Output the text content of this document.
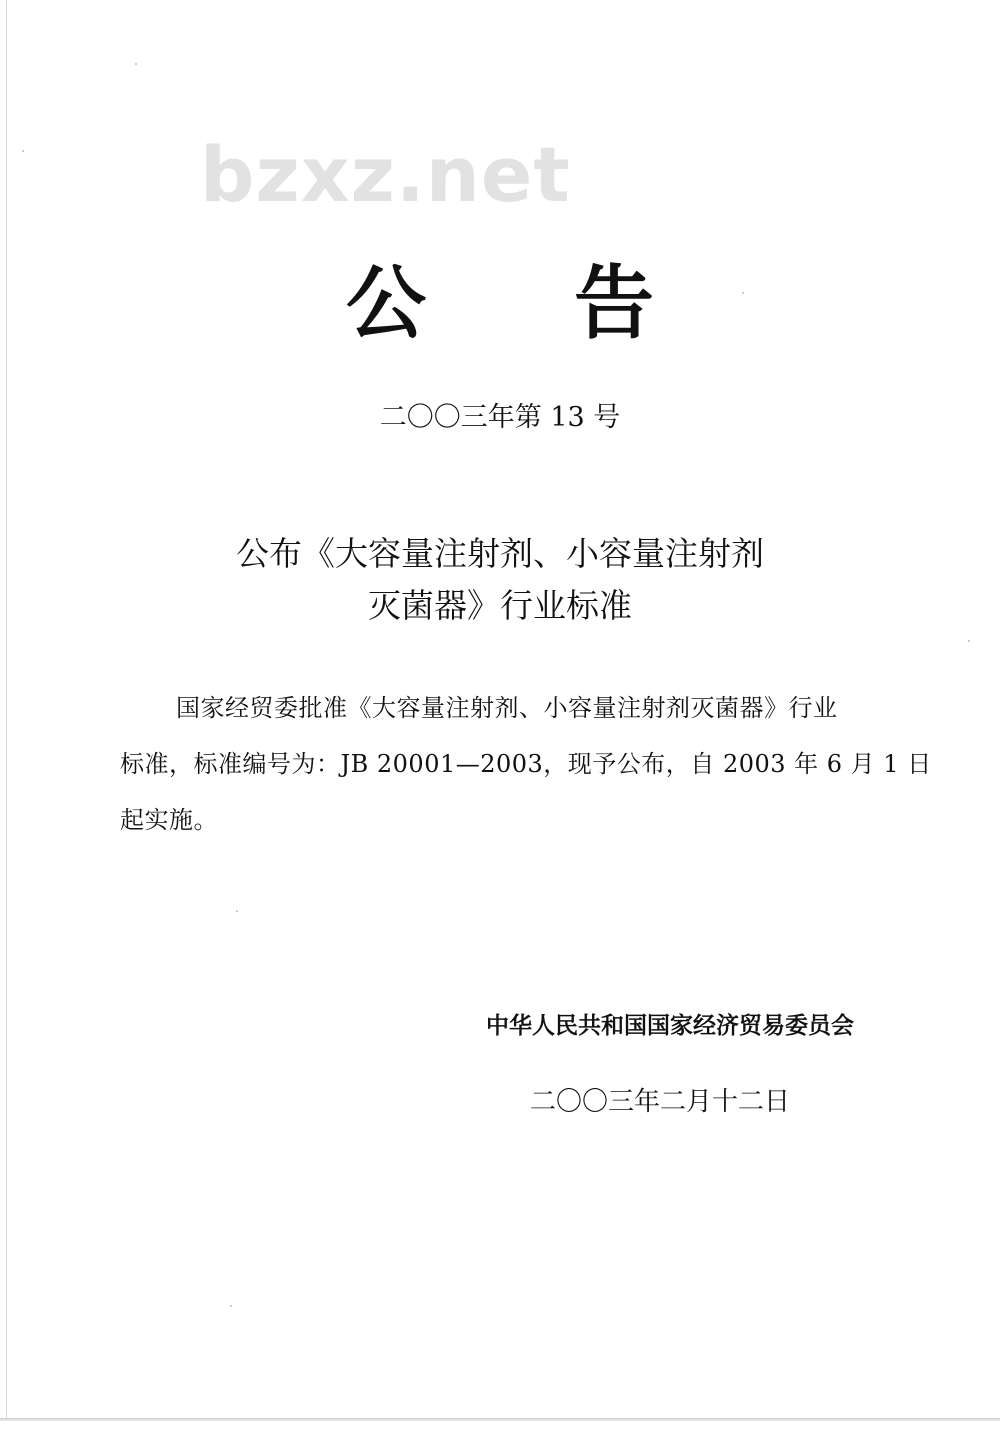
bzxz.net
公 告
二〇〇三年第 13 号
公布《大容量注射剂、小容量注射剂
灭菌器》行业标准
国家经贸委批准《大容量注射剂、小容量注射剂灭菌器》行业
标准，标准编号为：JB 20001—2003，现予公布，自 2003 年 6 月 1 日
起实施。
中华人民共和国国家经济贸易委员会
二〇〇三年二月十二日
